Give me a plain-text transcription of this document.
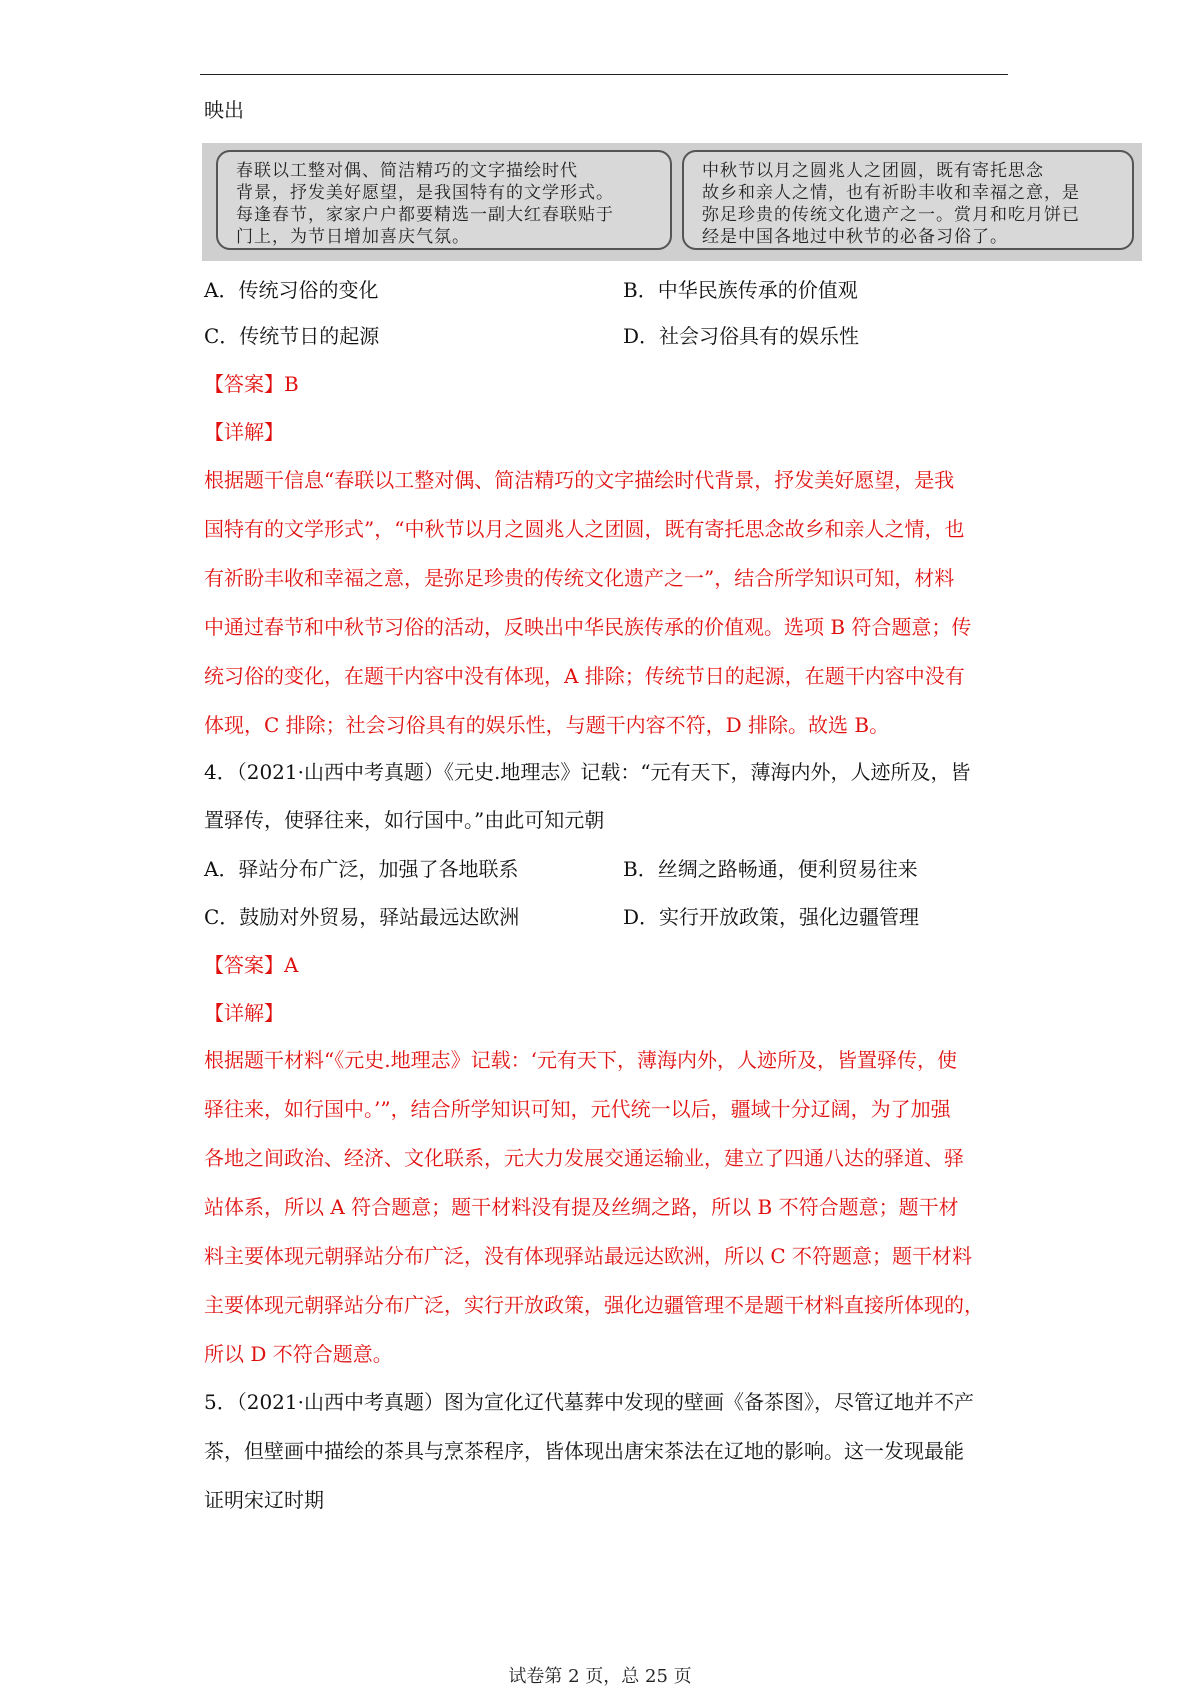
映出

春联以工整对偶、简洁精巧的文字描绘时代

背景，抒发美好愿望，是我国特有的文学形式。

每逢春节，家家户户都要精选一副大红春联贴于

门上，为节日增加喜庆气氛。

中秋节以月之圆兆人之团圆，既有寄托思念

故乡和亲人之情，也有祈盼丰收和幸福之意，是

弥足珍贵的传统文化遗产之一。赏月和吃月饼已

经是中国各地过中秋节的必备习俗了。

A．传统习俗的变化	B．中华民族传承的价值观
C．传统节日的起源	D．社会习俗具有的娱乐性
【答案】B
【详解】
根据题干信息“春联以工整对偶、简洁精巧的文字描绘时代背景，抒发美好愿望，是我
国特有的文学形式”，“中秋节以月之圆兆人之团圆，既有寄托思念故乡和亲人之情，也
有祈盼丰收和幸福之意，是弥足珍贵的传统文化遗产之一”，结合所学知识可知，材料
中通过春节和中秋节习俗的活动，反映出中华民族传承的价值观。选项 B 符合题意；传
统习俗的变化，在题干内容中没有体现，A 排除；传统节日的起源，在题干内容中没有
体现，C 排除；社会习俗具有的娱乐性，与题干内容不符，D 排除。故选 B。
4．（2021·山西中考真题）《元史.地理志》记载：“元有天下，薄海内外，人迹所及，皆
置驿传，使驿往来，如行国中。”由此可知元朝
A．驿站分布广泛，加强了各地联系	B．丝绸之路畅通，便利贸易往来
C．鼓励对外贸易，驿站最远达欧洲	D．实行开放政策，强化边疆管理
【答案】A
【详解】
根据题干材料“《元史.地理志》记载：‘元有天下，薄海内外，人迹所及，皆置驿传，使
驿往来，如行国中。’”，结合所学知识可知，元代统一以后，疆域十分辽阔，为了加强
各地之间政治、经济、文化联系，元大力发展交通运输业，建立了四通八达的驿道、驿
站体系，所以 A 符合题意；题干材料没有提及丝绸之路，所以 B 不符合题意；题干材
料主要体现元朝驿站分布广泛，没有体现驿站最远达欧洲，所以 C 不符题意；题干材料
主要体现元朝驿站分布广泛，实行开放政策，强化边疆管理不是题干材料直接所体现的，
所以 D 不符合题意。
5．（2021·山西中考真题）图为宣化辽代墓葬中发现的壁画《备茶图》，尽管辽地并不产
茶，但壁画中描绘的茶具与烹茶程序，皆体现出唐宋茶法在辽地的影响。这一发现最能
证明宋辽时期
试卷第 2 页，总 25 页
